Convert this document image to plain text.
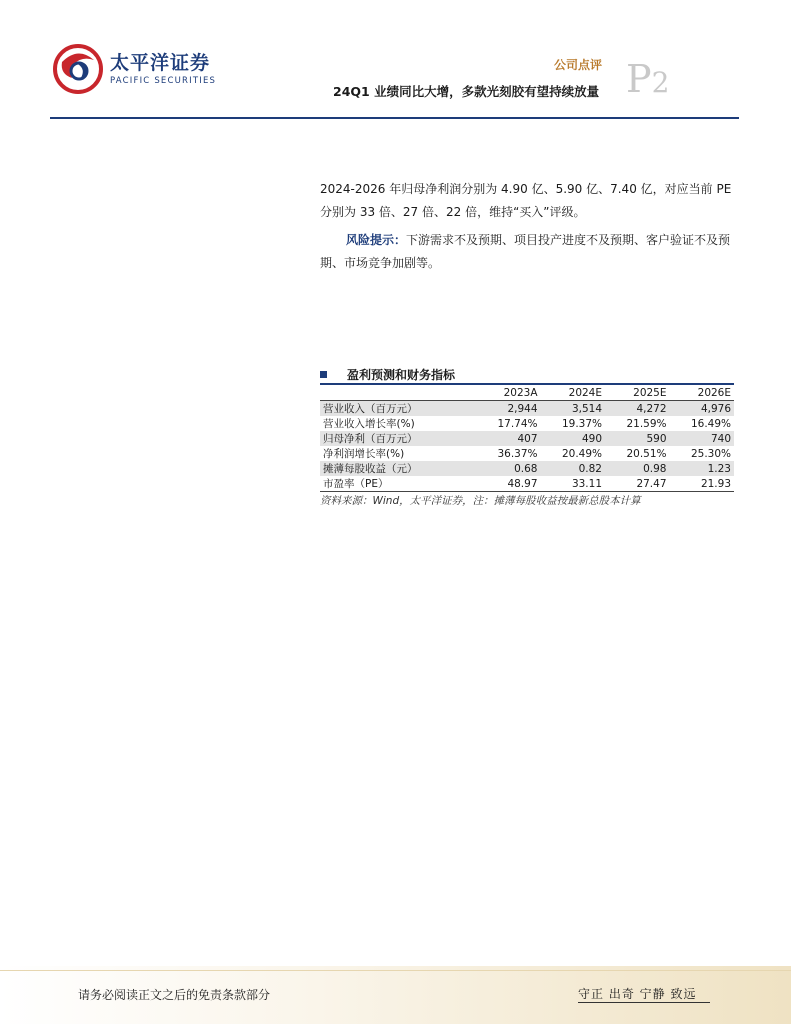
太平洋证券
PACIFIC SECURITIES
公司点评
24Q1 业绩同比大增，多款光刻胶有望持续放量 P2
2024-2026 年归母净利润分别为 4.90 亿、5.90 亿、7.40 亿，对应当前 PE 分别为 33 倍、27 倍、22 倍，维持“买入”评级。
风险提示：下游需求不及预期、项目投产进度不及预期、客户验证不及预期、市场竞争加剧等。
盈利预测和财务指标
	2023A	2024E	2025E	2026E
营业收入（百万元）	2,944	3,514	4,272	4,976
营业收入增长率(%)	17.74%	19.37%	21.59%	16.49%
归母净利（百万元）	407	490	590	740
净利润增长率(%)	36.37%	20.49%	20.51%	25.30%
摊薄每股收益（元）	0.68	0.82	0.98	1.23
市盈率（PE）	48.97	33.11	27.47	21.93
资料来源：Wind，太平洋证券，注：摊薄每股收益按最新总股本计算
请务必阅读正文之后的免责条款部分	守正 出奇 宁静 致远
